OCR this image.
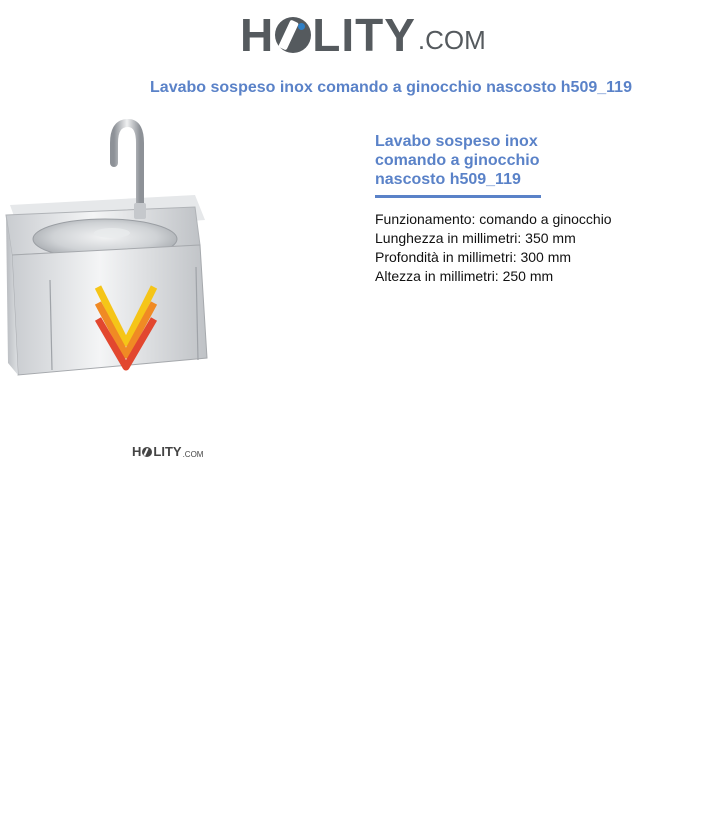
H LITY .COM
Lavabo sospeso inox comando a ginocchio nascosto h509_119
H LITY .COM
Lavabo sospeso inox comando a ginocchio nascosto h509_119
Funzionamento: comando a ginocchio
Lunghezza in millimetri: 350 mm
Profondità in millimetri: 300 mm
Altezza in millimetri: 250 mm
